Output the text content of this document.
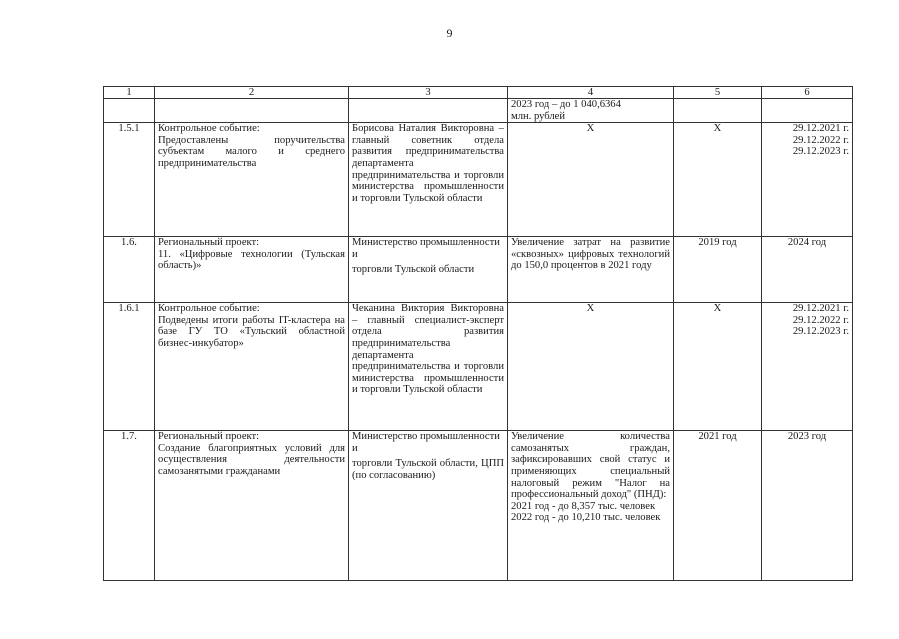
9
1	2	3	4	5	6

			2023 год – до 1 040,6364
млн. рублей		

1.5.1	Контрольное событие:
Предоставлены поручительства субъектам малого и среднего предпринимательства	Борисова Наталия Викторовна – главный советник отдела развития предпринимательства департамента предпринимательства и торговли министерства промышленности и торговли Тульской области	Х	Х	29.12.2021 г.
29.12.2022 г.
29.12.2023 г.

1.6.	Региональный проект:
11. «Цифровые технологии (Тульская область)»	Министерство промышленности и
торговли Тульской области	Увеличение затрат на развитие «сквозных» цифровых технологий до 150,0 процентов в 2021 году	2019 год	2024 год

1.6.1	Контрольное событие:
Подведены итоги работы IT-кластера на базе ГУ ТО «Тульский областной бизнес-инкубатор»	Чеканина Виктория Викторовна – главный специалист-эксперт отдела развития предпринимательства департамента предпринимательства и торговли министерства промышленности и торговли Тульской области	Х	Х	29.12.2021 г.
29.12.2022 г.
29.12.2023 г.

1.7.	Региональный проект:
Создание благоприятных условий для осуществления деятельности самозанятыми гражданами	Министерство промышленности и
торговли Тульской области, ЦПП (по согласованию)	Увеличение количества самозанятых граждан, зафиксировавших свой статус и применяющих специальный налоговый режим "Налог на профессиональный доход" (ПНД):
2021 год - до 8,357 тыс. человек
2022 год - до 10,210 тыс. человек	2021 год	2023 год
